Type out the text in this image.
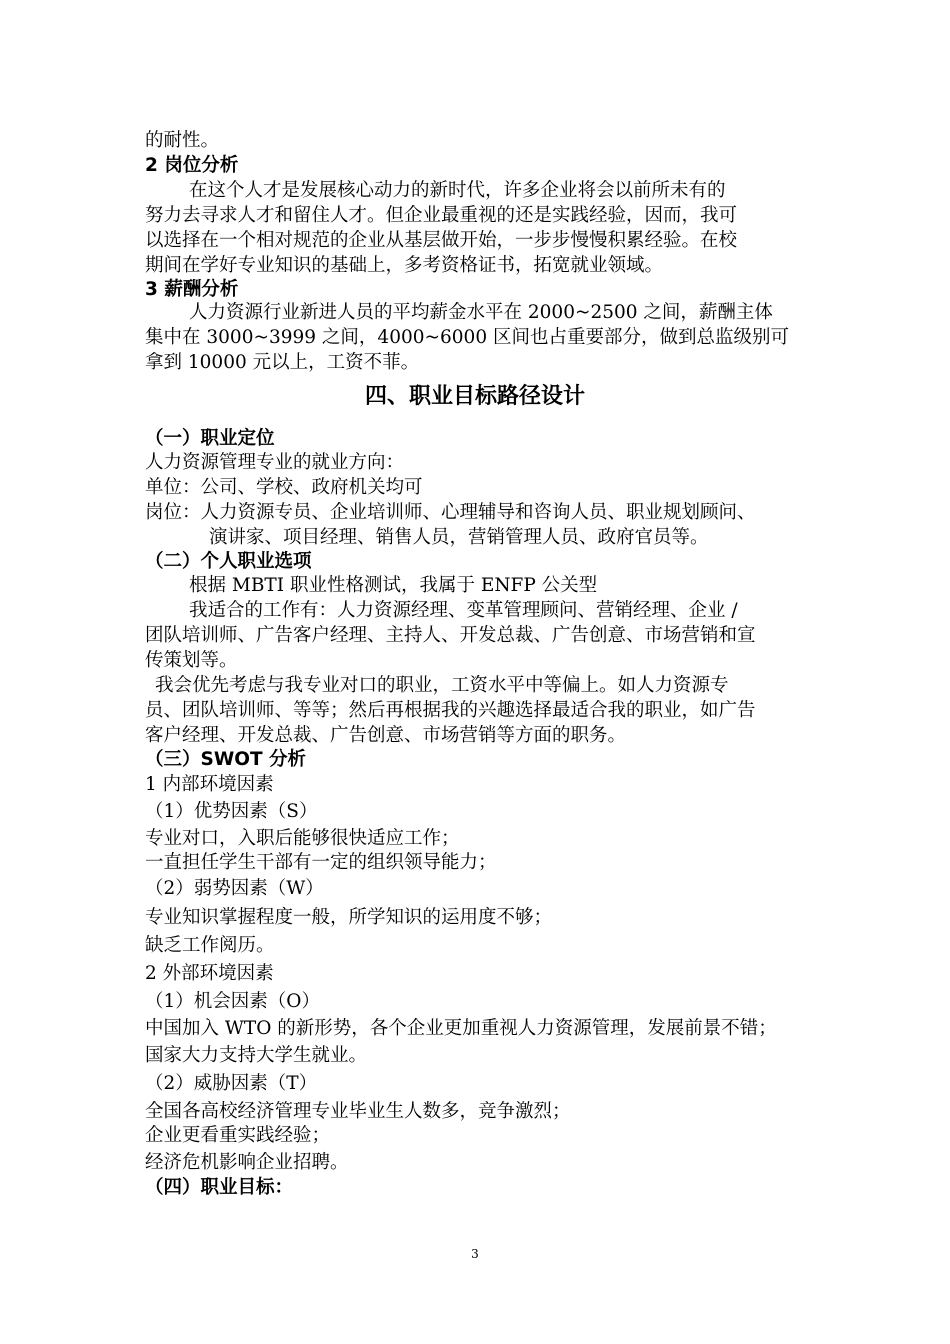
的耐性。
2 岗位分析
在这个人才是发展核心动力的新时代，许多企业将会以前所未有的
努力去寻求人才和留住人才。但企业最重视的还是实践经验，因而，我可
以选择在一个相对规范的企业从基层做开始，一步步慢慢积累经验。在校
期间在学好专业知识的基础上，多考资格证书，拓宽就业领域。
3 薪酬分析
人力资源行业新进人员的平均薪金水平在 2000~2500 之间，薪酬主体
集中在 3000~3999 之间，4000~6000 区间也占重要部分，做到总监级别可
拿到 10000 元以上，工资不菲。
（一）职业定位
人力资源管理专业的就业方向：
单位：公司、学校、政府机关均可
岗位：人力资源专员、企业培训师、心理辅导和咨询人员、职业规划顾问、
演讲家、项目经理、销售人员，营销管理人员、政府官员等。
（二）个人职业选项
根据 MBTI 职业性格测试，我属于 ENFP 公关型
我适合的工作有：人力资源经理、变革管理顾问、营销经理、企业 /
团队培训师、广告客户经理、主持人、开发总裁、广告创意、市场营销和宣
传策划等。
我会优先考虑与我专业对口的职业，工资水平中等偏上。如人力资源专
员、团队培训师、等等；然后再根据我的兴趣选择最适合我的职业，如广告
客户经理、开发总裁、广告创意、市场营销等方面的职务。
（三）SWOT 分析
1 内部环境因素
（1）优势因素（S）
专业对口，入职后能够很快适应工作；
一直担任学生干部有一定的组织领导能力；
（2）弱势因素（W）
专业知识掌握程度一般，所学知识的运用度不够；
缺乏工作阅历。
2 外部环境因素
（1）机会因素（O）
中国加入 WTO 的新形势，各个企业更加重视人力资源管理，发展前景不错；
国家大力支持大学生就业。
（2）威胁因素（T）
全国各高校经济管理专业毕业生人数多，竞争激烈；
企业更看重实践经验；
经济危机影响企业招聘。
（四）职业目标：
四、职业目标路径设计
3
